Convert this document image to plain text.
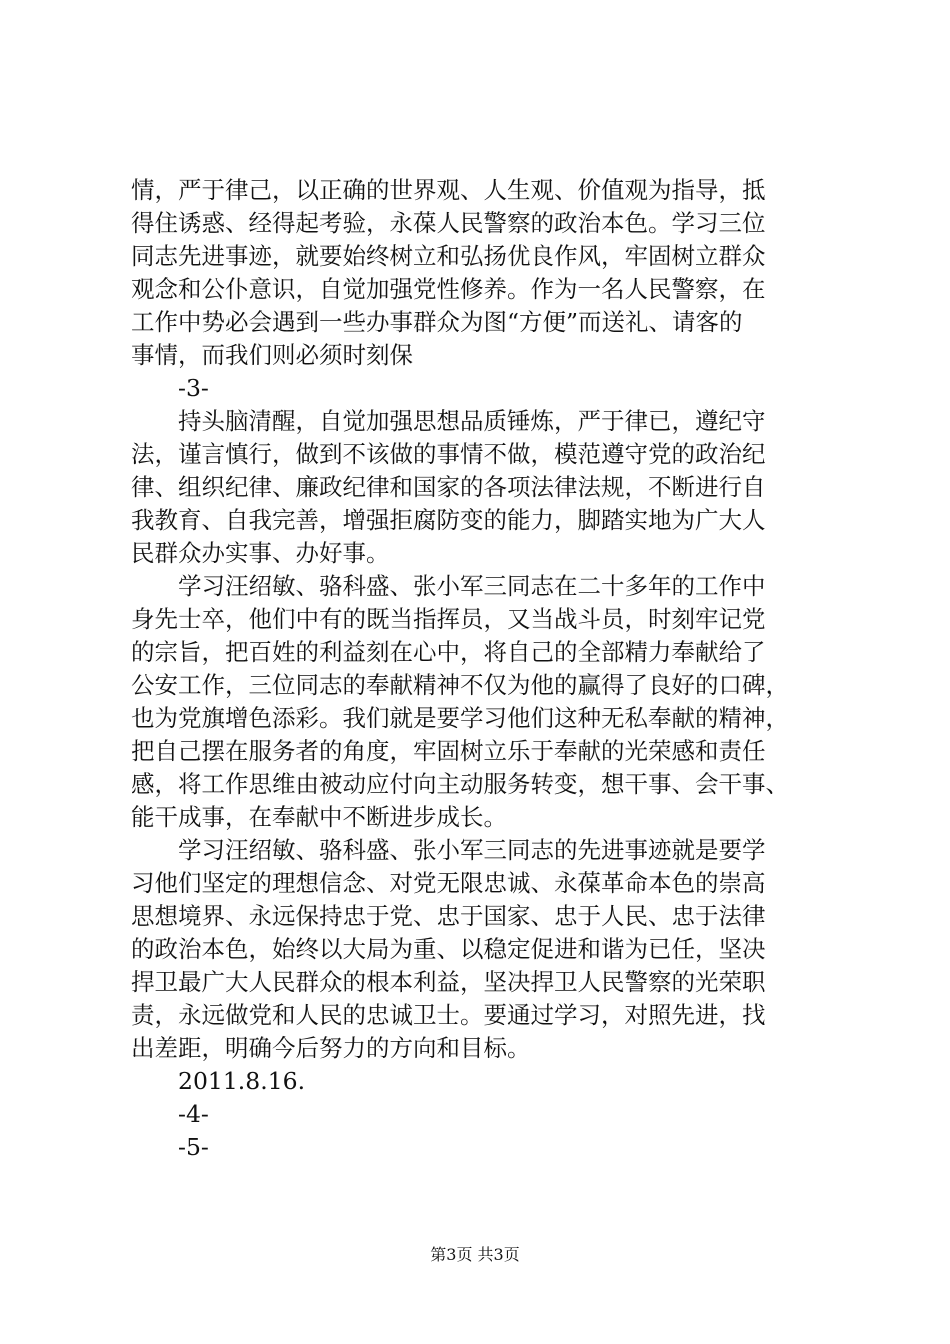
情，严于律己，以正确的世界观、人生观、价值观为指导，抵
得住诱惑、经得起考验，永葆人民警察的政治本色。学习三位
同志先进事迹，就要始终树立和弘扬优良作风，牢固树立群众
观念和公仆意识，自觉加强党性修养。作为一名人民警察，在
工作中势必会遇到一些办事群众为图“方便”而送礼、请客的
事情，而我们则必须时刻保
-3-
持头脑清醒，自觉加强思想品质锤炼，严于律已，遵纪守
法，谨言慎行，做到不该做的事情不做，模范遵守党的政治纪
律、组织纪律、廉政纪律和国家的各项法律法规，不断进行自
我教育、自我完善，增强拒腐防变的能力，脚踏实地为广大人
民群众办实事、办好事。
学习汪绍敏、骆科盛、张小军三同志在二十多年的工作中
身先士卒，他们中有的既当指挥员，又当战斗员，时刻牢记党
的宗旨，把百姓的利益刻在心中，将自己的全部精力奉献给了
公安工作，三位同志的奉献精神不仅为他的赢得了良好的口碑，
也为党旗增色添彩。我们就是要学习他们这种无私奉献的精神，
把自己摆在服务者的角度，牢固树立乐于奉献的光荣感和责任
感，将工作思维由被动应付向主动服务转变，想干事、会干事、
能干成事，在奉献中不断进步成长。
学习汪绍敏、骆科盛、张小军三同志的先进事迹就是要学
习他们坚定的理想信念、对党无限忠诚、永葆革命本色的崇高
思想境界、永远保持忠于党、忠于国家、忠于人民、忠于法律
的政治本色，始终以大局为重、以稳定促进和谐为已任，坚决
捍卫最广大人民群众的根本利益，坚决捍卫人民警察的光荣职
责，永远做党和人民的忠诚卫士。要通过学习，对照先进，找
出差距，明确今后努力的方向和目标。
2011.8.16.
-4-
-5-
第3页 共3页
